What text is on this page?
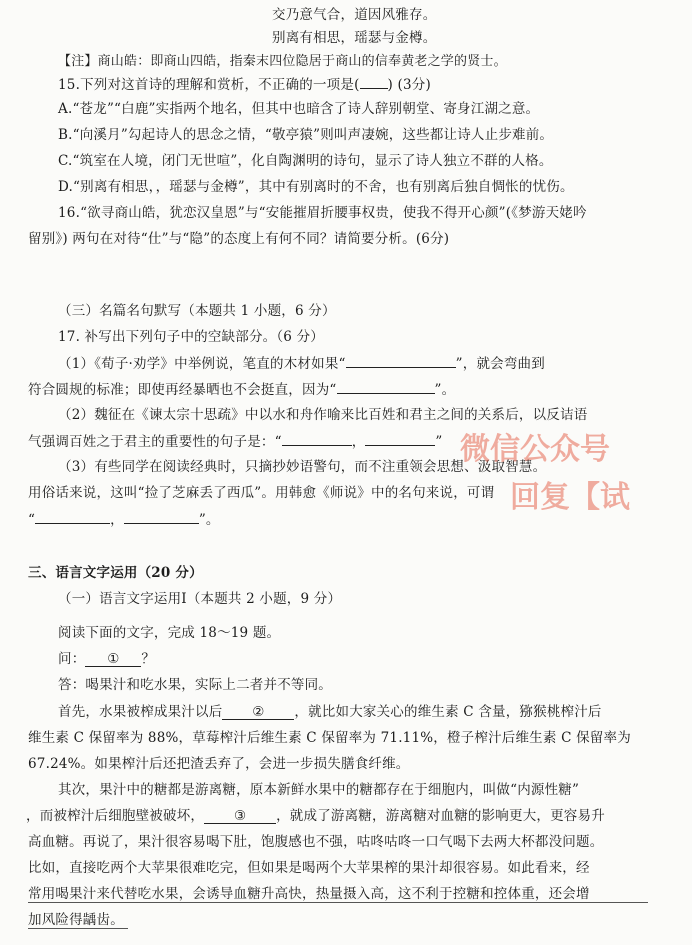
交乃意气合，道因风雅存。
别离有相思，瑶瑟与金樽。
【注】商山皓：即商山四皓，指秦末四位隐居于商山的信奉黄老之学的贤士。
15.下列对这首诗的理解和赏析，不正确的一项是( ) (3分)
A.“苍龙”“白鹿”实指两个地名，但其中也暗含了诗人辞别朝堂、寄身江湖之意。
B.“向溪月”勾起诗人的思念之情，“敬亭猿”则叫声凄婉，这些都让诗人止步难前。
C.“筑室在人境，闭门无世喧”，化自陶渊明的诗句，显示了诗人独立不群的人格。
D.“别离有相思，，瑶瑟与金樽”，其中有别离时的不舍，也有别离后独自惆怅的忧伤。
16.“欲寻商山皓，犹恋汉皇恩”与“安能摧眉折腰事权贵，使我不得开心颜”(《梦游天姥吟
留别》) 两句在对待“仕”与“隐”的态度上有何不同？请简要分析。(6分)
（三）名篇名句默写（本题共 1 小题，6 分）
17. 补写出下列句子中的空缺部分。（6 分）
（1）《荀子·劝学》中举例说，笔直的木材如果“	”，就会弯曲到
符合圆规的标准；即使再经暴晒也不会挺直，因为“	”。
（2）魏征在《谏太宗十思疏》中以水和舟作喻来比百姓和君主之间的关系后，以反诘语
气强调百姓之于君主的重要性的句子是：“	，	”
（3）有些同学在阅读经典时，只摘抄妙语警句，而不注重领会思想、汲取智慧。
用俗话来说，这叫“捡了芝麻丢了西瓜”。用韩愈《师说》中的名句来说，可谓
“	，	”。
三、语言文字运用（20 分）
（一）语言文字运用Ⅰ（本题共 2 小题，9 分）
阅读下面的文字，完成 18～19 题。
问： ① ？
答：喝果汁和吃水果，实际上二者并不等同。
首先，水果被榨成果汁以后 ② ，就比如大家关心的维生素 C 含量，猕猴桃榨汁后
维生素 C 保留率为 88%，草莓榨汁后维生素 C 保留率为 71.11%，橙子榨汁后维生素 C 保留率为
67.24%。如果榨汁后还把渣丢弃了，会进一步损失膳食纤维。
其次，果汁中的糖都是游离糖，原本新鲜水果中的糖都存在于细胞内，叫做“内源性糖”
，而被榨汁后细胞壁被破坏， ③ ，就成了游离糖，游离糖对血糖的影响更大，更容易升
高血糖。再说了，果汁很容易喝下肚，饱腹感也不强，咕咚咕咚一口气喝下去两大杯都没问题。
比如，直接吃两个大苹果很难吃完，但如果是喝两个大苹果榨的果汁却很容易。如此看来，经
常用喝果汁来代替吃水果，会诱导血糖升高快，热量摄入高，这不利于控糖和控体重，还会增
加风险得龋齿。
微信公众号
回复【试
